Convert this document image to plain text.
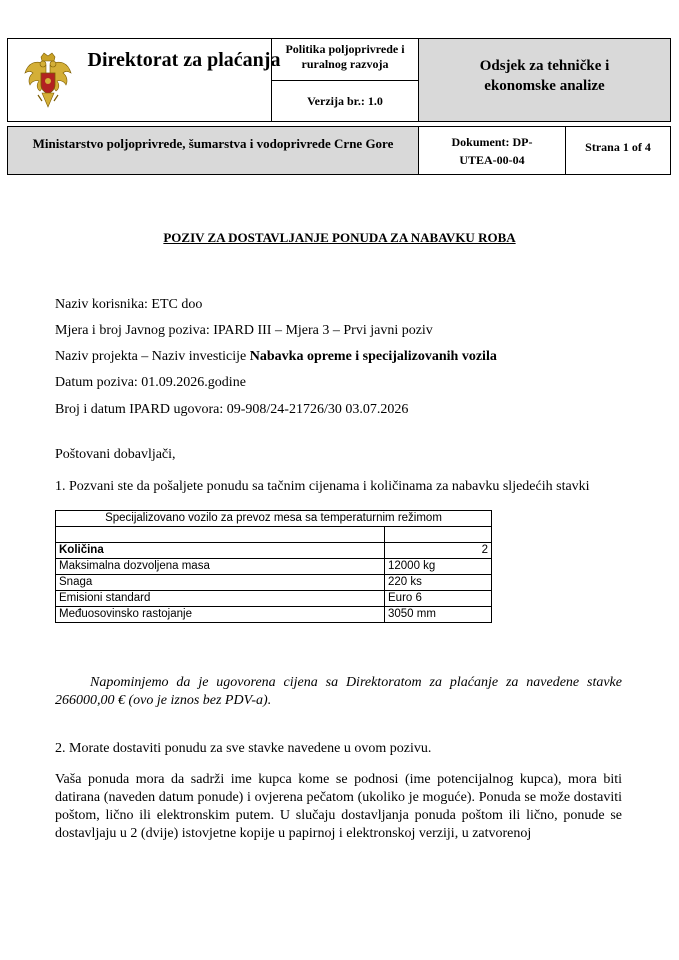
Direktorat za plaćanja Politika poljoprivrede i ruralnog razvoja
Verzija br.: 1.0
Odsjek za tehničke i ekonomske analize
Ministarstvo poljoprivrede, šumarstva i vodoprivrede Crne Gore	Dokument: DP-UTEA-00-04
Strana 1 of 4
POZIV ZA DOSTAVLJANJE PONUDA ZA NABAVKU ROBA

Naziv korisnika: ETC doo

Mjera i broj Javnog poziva: IPARD III – Mjera 3 – Prvi javni poziv

Naziv projekta – Naziv investicije Nabavka opreme i specijalizovanih vozila

Datum poziva: 01.09.2026.godine

Broj i datum IPARD ugovora: 09-908/24-21726/30 03.07.2026

Poštovani dobavljači,

1. Pozvani ste da pošaljete ponudu sa tačnim cijenama i količinama za nabavku sljedećih stavki

Specijalizovano vozilo za prevoz mesa sa temperaturnim režimom	

Količina	2
Maksimalna dozvoljena masa	12000 kg
Snaga	220 ks
Emisioni standard	Euro 6
Međuosovinsko rastojanje	3050 mm

Napominjemo da je ugovorena cijena sa Direktoratom za plaćanje za navedene stavke 266000,00 € (ovo je iznos bez PDV-a).

2. Morate dostaviti ponudu za sve stavke navedene u ovom pozivu.

Vaša ponuda mora da sadrži ime kupca kome se podnosi (ime potencijalnog kupca), mora biti datirana (naveden datum ponude) i ovjerena pečatom (ukoliko je moguće). Ponuda se može dostaviti poštom, lično ili elektronskim putem. U slučaju dostavljanja ponuda poštom ili lično, ponude se dostavljaju u 2 (dvije) istovjetne kopije u papirnoj i elektronskoj verziji, u zatvorenoj
